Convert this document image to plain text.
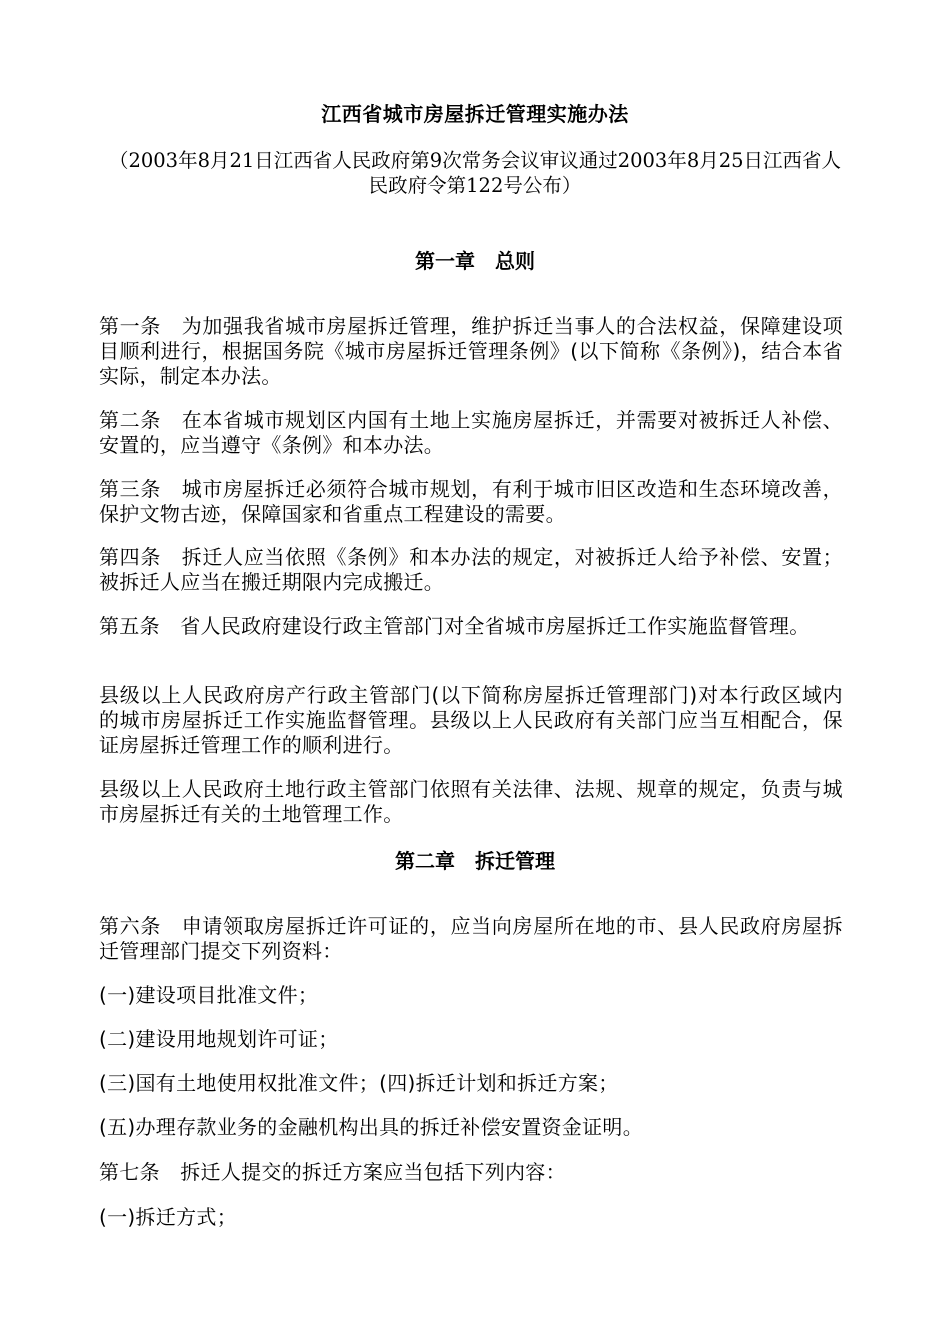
江西省城市房屋拆迁管理实施办法
（2003年8月21日江西省人民政府第9次常务会议审议通过2003年8月25日江西省人民政府令第122号公布）
第一章　总则
第一条　为加强我省城市房屋拆迁管理，维护拆迁当事人的合法权益，保障建设项目顺利进行，根据国务院《城市房屋拆迁管理条例》(以下简称《条例》)，结合本省实际，制定本办法。
第二条　在本省城市规划区内国有土地上实施房屋拆迁，并需要对被拆迁人补偿、安置的，应当遵守《条例》和本办法。
第三条　城市房屋拆迁必须符合城市规划，有利于城市旧区改造和生态环境改善，保护文物古迹，保障国家和省重点工程建设的需要。
第四条　拆迁人应当依照《条例》和本办法的规定，对被拆迁人给予补偿、安置；被拆迁人应当在搬迁期限内完成搬迁。
第五条　省人民政府建设行政主管部门对全省城市房屋拆迁工作实施监督管理。
县级以上人民政府房产行政主管部门(以下简称房屋拆迁管理部门)对本行政区域内的城市房屋拆迁工作实施监督管理。县级以上人民政府有关部门应当互相配合，保证房屋拆迁管理工作的顺利进行。
县级以上人民政府土地行政主管部门依照有关法律、法规、规章的规定，负责与城市房屋拆迁有关的土地管理工作。
第二章　拆迁管理
第六条　申请领取房屋拆迁许可证的，应当向房屋所在地的市、县人民政府房屋拆迁管理部门提交下列资料：
(一)建设项目批准文件；
(二)建设用地规划许可证；
(三)国有土地使用权批准文件；(四)拆迁计划和拆迁方案；
(五)办理存款业务的金融机构出具的拆迁补偿安置资金证明。
第七条　拆迁人提交的拆迁方案应当包括下列内容：
(一)拆迁方式；
